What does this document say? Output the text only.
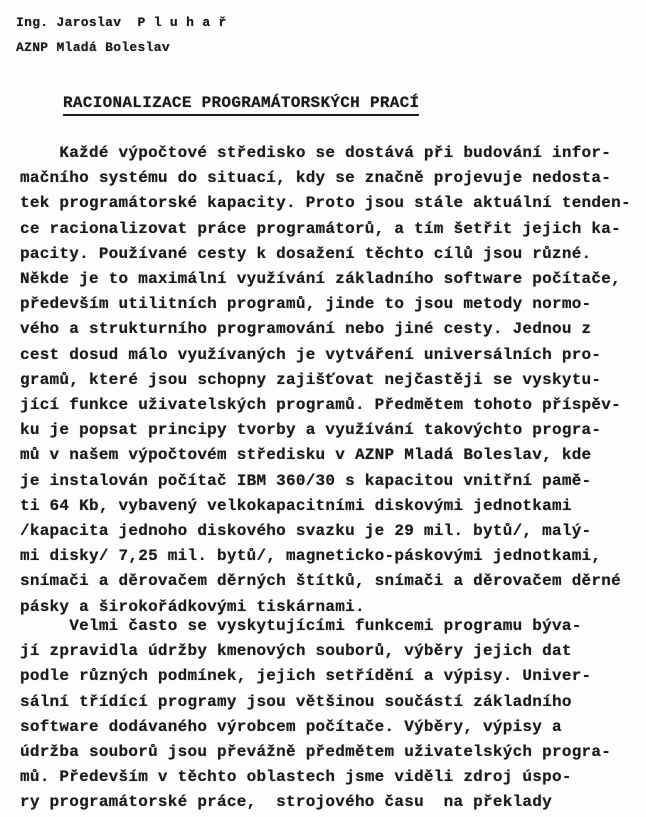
Ing. Jaroslav  P l u h a ř
AZNP Mladá Boleslav
RACIONALIZACE PROGRAMÁTORSKÝCH PRACÍ
Každé výpočtové středisko se dostává při budování infor-
mačního systému do situací, kdy se značně projevuje nedosta-
tek programátorské kapacity. Proto jsou stále aktuální tenden-
ce racionalizovat práce programátorů, a tím šetřit jejich ka-
pacity. Používané cesty k dosažení těchto cílů jsou různé.
Někde je to maximální využívání základního software počítače,
především utilitních programů, jinde to jsou metody normo-
vého a strukturního programování nebo jiné cesty. Jednou z
cest dosud málo využívaných je vytváření universálních pro-
gramů, které jsou schopny zajišťovat nejčastěji se vyskytu-
jící funkce uživatelských programů. Předmětem tohoto příspěv-
ku je popsat principy tvorby a využívání takovýchto progra-
mů v našem výpočtovém středisku v AZNP Mladá Boleslav, kde
je instalován počítač IBM 360/30 s kapacitou vnitřní pamě-
ti 64 Kb, vybavený velkokapacitními diskovými jednotkami
/kapacita jednoho diskového svazku je 29 mil. bytů/, malý-
mi disky/ 7,25 mil. bytů/, magneticko-páskovými jednotkami,
snímači a děrovačem děrných štítků, snímači a děrovačem děrné
pásky a širokořádkovými tiskárnami.
Velmi často se vyskytujícími funkcemi programu býva-
jí zpravidla údržby kmenových souborů, výběry jejich dat
podle různých podmínek, jejich setřídění a výpisy. Univer-
sální třídící programy jsou většinou součástí základního
software dodávaného výrobcem počítače. Výběry, výpisy a
údržba souborů jsou převážně předmětem uživatelských progra-
mů. Především v těchto oblastech jsme viděli zdroj úspo-
ry programátorské práce,  strojového času  na překlady
